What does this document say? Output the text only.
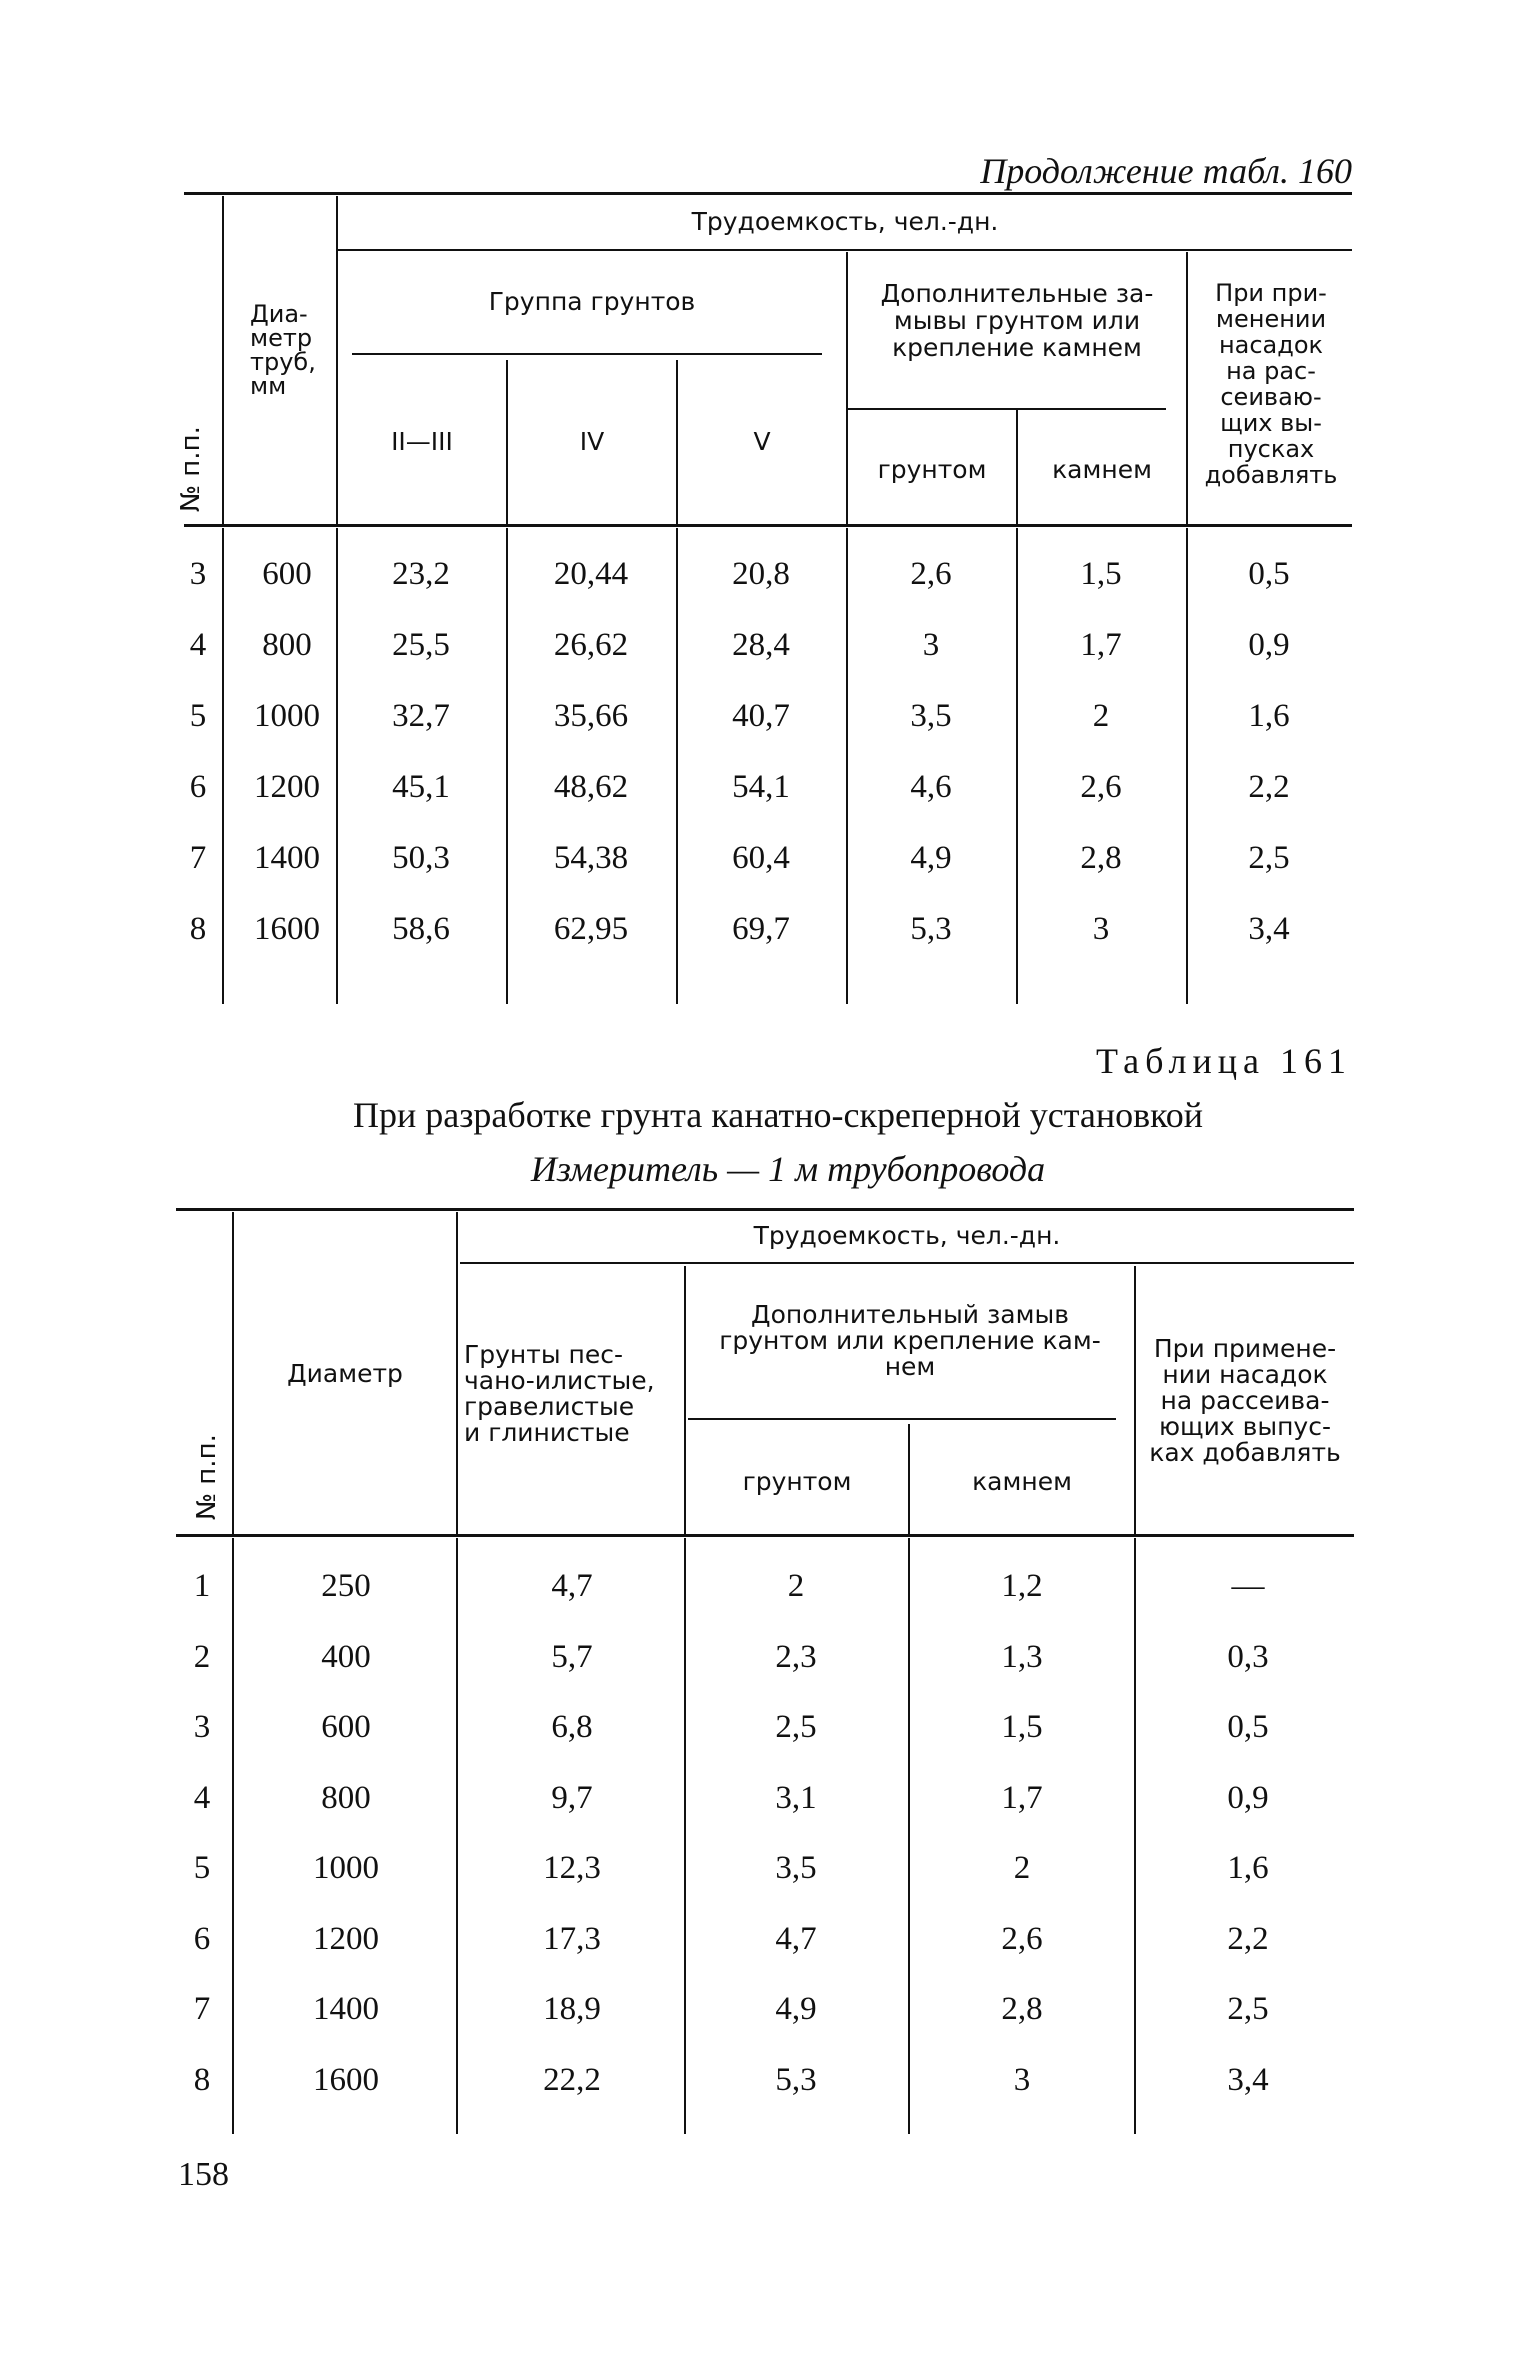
Продолжение табл. 160
№ п.п.
Диа-
метр
труб,
мм
Трудоемкость, чел.-дн.
Группа грунтов
II—III	IV	V
Дополнительные за-
мывы грунтом или
крепление камнем
грунтом	камнем
При при-
менении
насадок
на рас-
сеиваю-
щих вы-
пусках
добавлять
3	600	23,2	20,44	20,8	2,6	1,5	0,5
4	800	25,5	26,62	28,4	3	1,7	0,9
5	1000	32,7	35,66	40,7	3,5	2	1,6
6	1200	45,1	48,62	54,1	4,6	2,6	2,2
7	1400	50,3	54,38	60,4	4,9	2,8	2,5
8	1600	58,6	62,95	69,7	5,3	3	3,4
Таблица 161
При разработке грунта канатно-скреперной установкой
Измеритель — 1 м трубопровода
№ п.п.
Диаметр
Трудоемкость, чел.-дн.
Грунты пес-
чано-илистые,
гравелистые
и глинистые
Дополнительный замыв
грунтом или крепление кам-
нем
грунтом	камнем
При примене-
нии насадок
на рассеива-
ющих выпус-
ках добавлять
1	250	4,7	2	1,2	—
2	400	5,7	2,3	1,3	0,3
3	600	6,8	2,5	1,5	0,5
4	800	9,7	3,1	1,7	0,9
5	1000	12,3	3,5	2	1,6
6	1200	17,3	4,7	2,6	2,2
7	1400	18,9	4,9	2,8	2,5
8	1600	22,2	5,3	3	3,4
158
